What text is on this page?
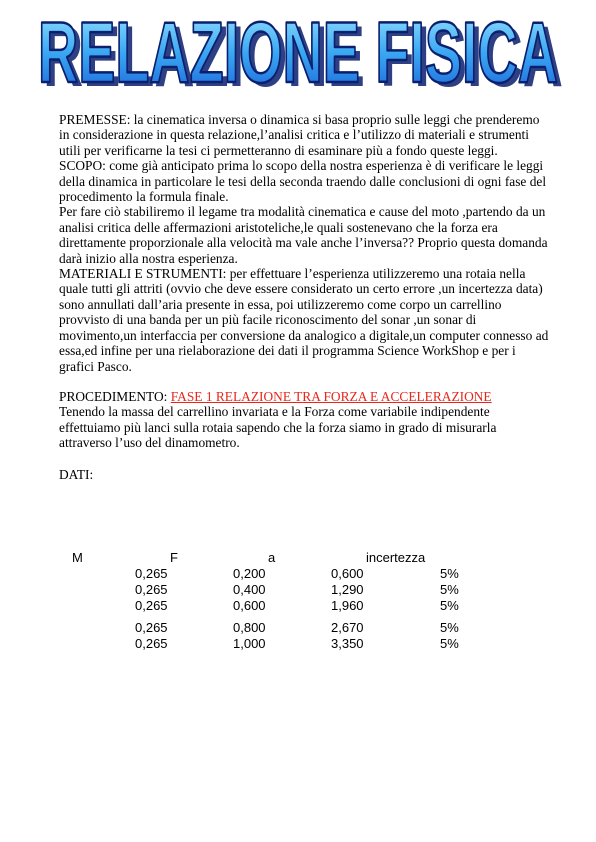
RELAZIONE FISICA
RELAZIONE FISICA

PREMESSE: la cinematica inversa o dinamica si basa proprio sulle leggi che prenderemo in considerazione in questa relazione,l’analisi critica e l’utilizzo di materiali e strumenti utili per verificarne la tesi ci permetteranno di esaminare più a fondo queste leggi.

SCOPO: come già anticipato prima lo scopo della nostra esperienza è di verificare le leggi della dinamica in particolare le tesi della seconda traendo dalle conclusioni di ogni fase del procedimento la formula finale.

Per fare ciò stabiliremo il legame tra modalità cinematica e cause del moto ,partendo da un analisi critica delle affermazioni aristoteliche,le quali sostenevano che la forza era direttamente proporzionale alla velocità ma vale anche l’inversa?? Proprio questa domanda darà inizio alla nostra esperienza.

MATERIALI E STRUMENTI: per effettuare l’esperienza utilizzeremo una rotaia nella quale tutti gli attriti (ovvio che deve essere considerato un certo errore ,un incertezza data) sono annullati dall’aria presente in essa, poi utilizzeremo come corpo un carrellino provvisto di una banda per un più facile riconoscimento del sonar ,un sonar di movimento,un interfaccia per conversione da analogico a digitale,un computer connesso ad essa,ed infine per una rielaborazione dei dati il programma Science WorkShop e per i grafici Pasco.

PROCEDIMENTO: FASE 1 RELAZIONE TRA FORZA E ACCELERAZIONE

Tenendo la massa del carrellino invariata e la Forza come variabile indipendente effettuiamo più lanci sulla rotaia sapendo che la forza siamo in grado di misurarla attraverso l’uso del dinamometro.

DATI:

M	F	a	incertezza
0,265	0,200	0,600	5%
0,265	0,400	1,290	5%
0,265	0,600	1,960	5%
0,265	0,800	2,670	5%
0,265	1,000	3,350	5%
